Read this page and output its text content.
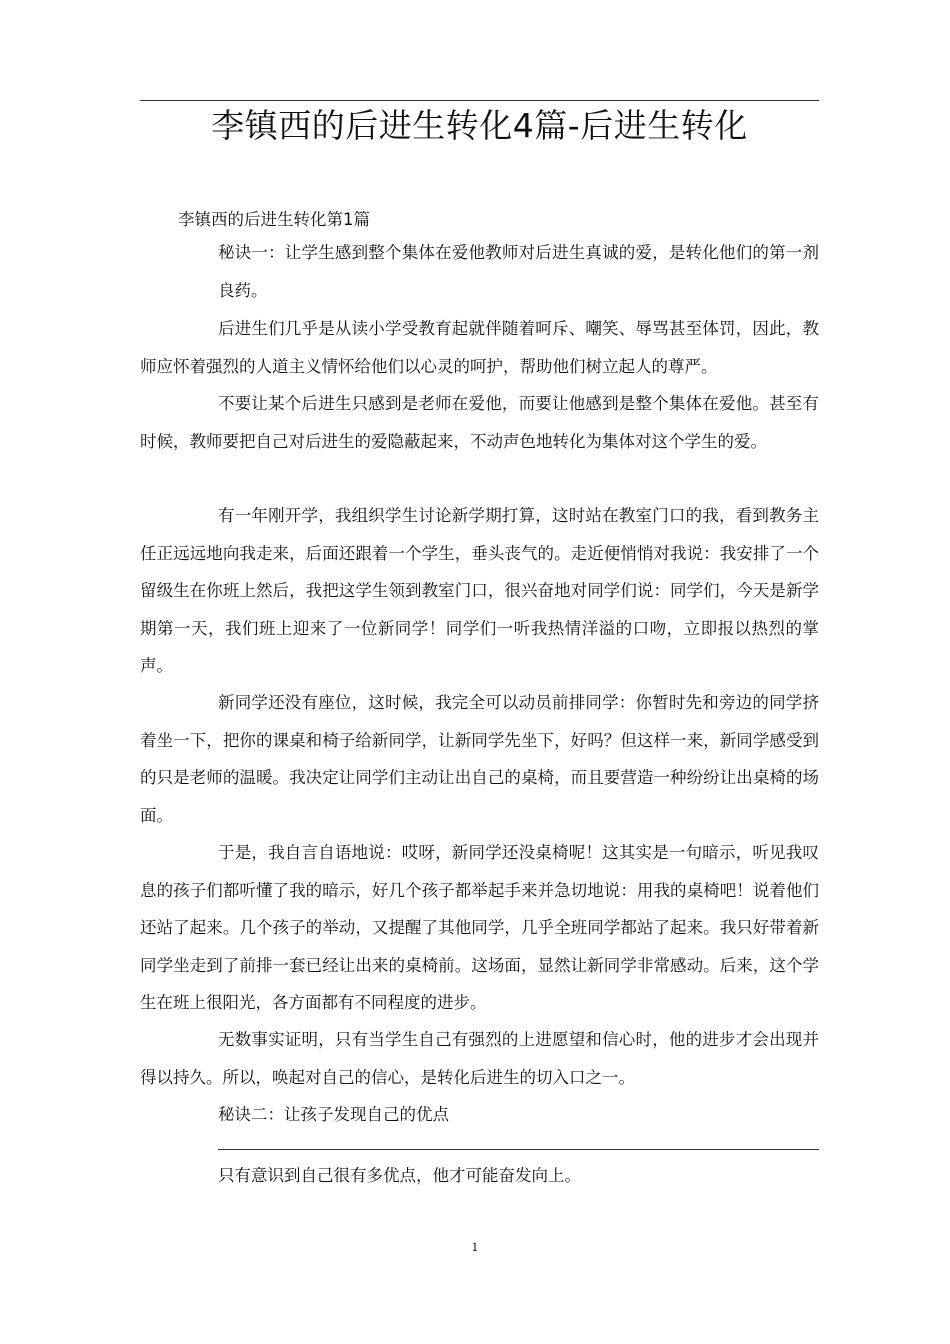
李镇西的后进生转化4篇-后进生转化

李镇西的后进生转化第1篇

秘诀一：让学生感到整个集体在爱他教师对后进生真诚的爱，是转化他们的第一剂良药。

后进生们几乎是从读小学受教育起就伴随着呵斥、嘲笑、辱骂甚至体罚，因此，教师应怀着强烈的人道主义情怀给他们以心灵的呵护，帮助他们树立起人的尊严。

不要让某个后进生只感到是老师在爱他，而要让他感到是整个集体在爱他。甚至有时候，教师要把自己对后进生的爱隐蔽起来，不动声色地转化为集体对这个学生的爱。

有一年刚开学，我组织学生讨论新学期打算，这时站在教室门口的我，看到教务主任正远远地向我走来，后面还跟着一个学生，垂头丧气的。走近便悄悄对我说：我安排了一个留级生在你班上然后，我把这学生领到教室门口，很兴奋地对同学们说：同学们，今天是新学期第一天，我们班上迎来了一位新同学！同学们一听我热情洋溢的口吻，立即报以热烈的掌声。

新同学还没有座位，这时候，我完全可以动员前排同学：你暂时先和旁边的同学挤着坐一下，把你的课桌和椅子给新同学，让新同学先坐下，好吗？但这样一来，新同学感受到的只是老师的温暖。我决定让同学们主动让出自己的桌椅，而且要营造一种纷纷让出桌椅的场面。

于是，我自言自语地说：哎呀，新同学还没桌椅呢！这其实是一句暗示，听见我叹息的孩子们都听懂了我的暗示，好几个孩子都举起手来并急切地说：用我的桌椅吧！说着他们还站了起来。几个孩子的举动，又提醒了其他同学，几乎全班同学都站了起来。我只好带着新同学坐走到了前排一套已经让出来的桌椅前。这场面，显然让新同学非常感动。后来，这个学生在班上很阳光，各方面都有不同程度的进步。

无数事实证明，只有当学生自己有强烈的上进愿望和信心时，他的进步才会出现并得以持久。所以，唤起对自己的信心，是转化后进生的切入口之一。

秘诀二：让孩子发现自己的优点

只有意识到自己很有多优点，他才可能奋发向上。

1
